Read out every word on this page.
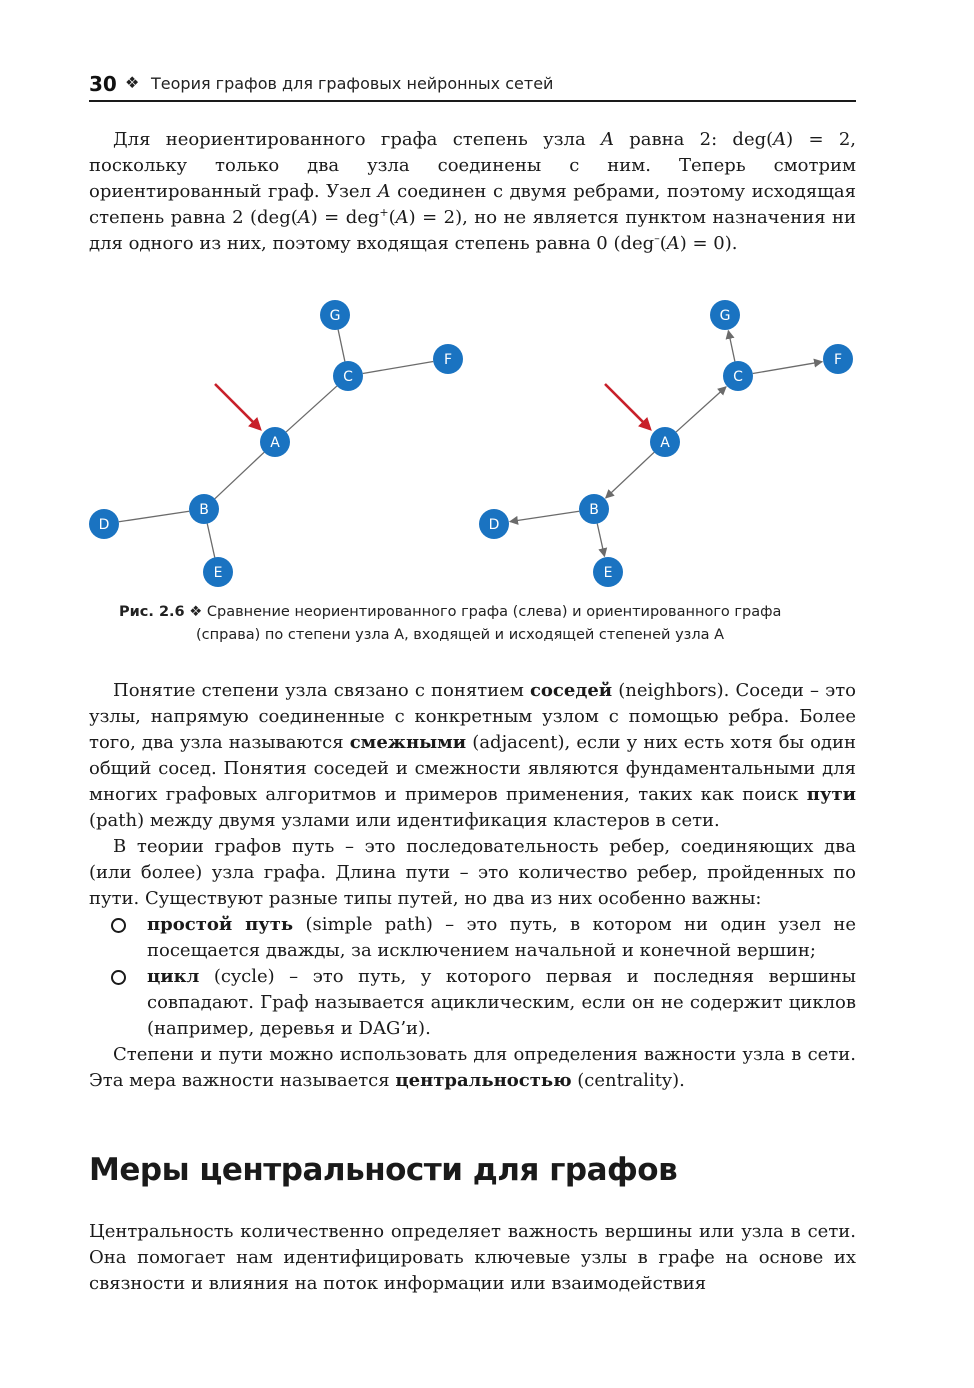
30 ❖ Теория графов для графовых нейронных сетей

Для неориентированного графа степень узла A равна 2: deg(A) = 2, поскольку только два узла соединены с ним. Теперь смотрим ориентированный граф. Узел A соединен с двумя ребрами, поэтому исходящая степень равна 2 (deg(A) = deg+(A) = 2), но не является пунктом назначения ни для одного из них, поэтому входящая степень равна 0 (deg–(A) = 0).

G
C
F
A
B
D
E
G
C
F
A
B
D
E
Рис. 2.6 ❖ Сравнение неориентированного графа (слева) и ориентированного графа
(справа) по степени узла A, входящей и исходящей степеней узла A

Понятие степени узла связано с понятием соседей (neighbors). Соседи – это узлы, напрямую соединенные с конкретным узлом с помощью ребра. Более того, два узла называются смежными (adjacent), если у них есть хотя бы один общий сосед. Понятия соседей и смежности являются фундаментальными для многих графовых алгоритмов и примеров применения, таких как поиск пути (path) между двумя узлами или идентификация кластеров в сети.

В теории графов путь – это последовательность ребер, соединяющих два (или более) узла графа. Длина пути – это количество ребер, пройденных по пути. Существуют разные типы путей, но два из них особенно важны:

простой путь (simple path) – это путь, в котором ни один узел не посещается дважды, за исключением начальной и конечной вершин;
цикл (cycle) – это путь, у которого первая и последняя вершины совпадают. Граф называется ациклическим, если он не содержит циклов (например, деревья и DAG’и).

Степени и пути можно использовать для определения важности узла в сети. Эта мера важности называется центральностью (centrality).

Меры центральности для графов

Центральность количественно определяет важность вершины или узла в сети. Она помогает нам идентифицировать ключевые узлы в графе на основе их связности и влияния на поток информации или взаимодействия
